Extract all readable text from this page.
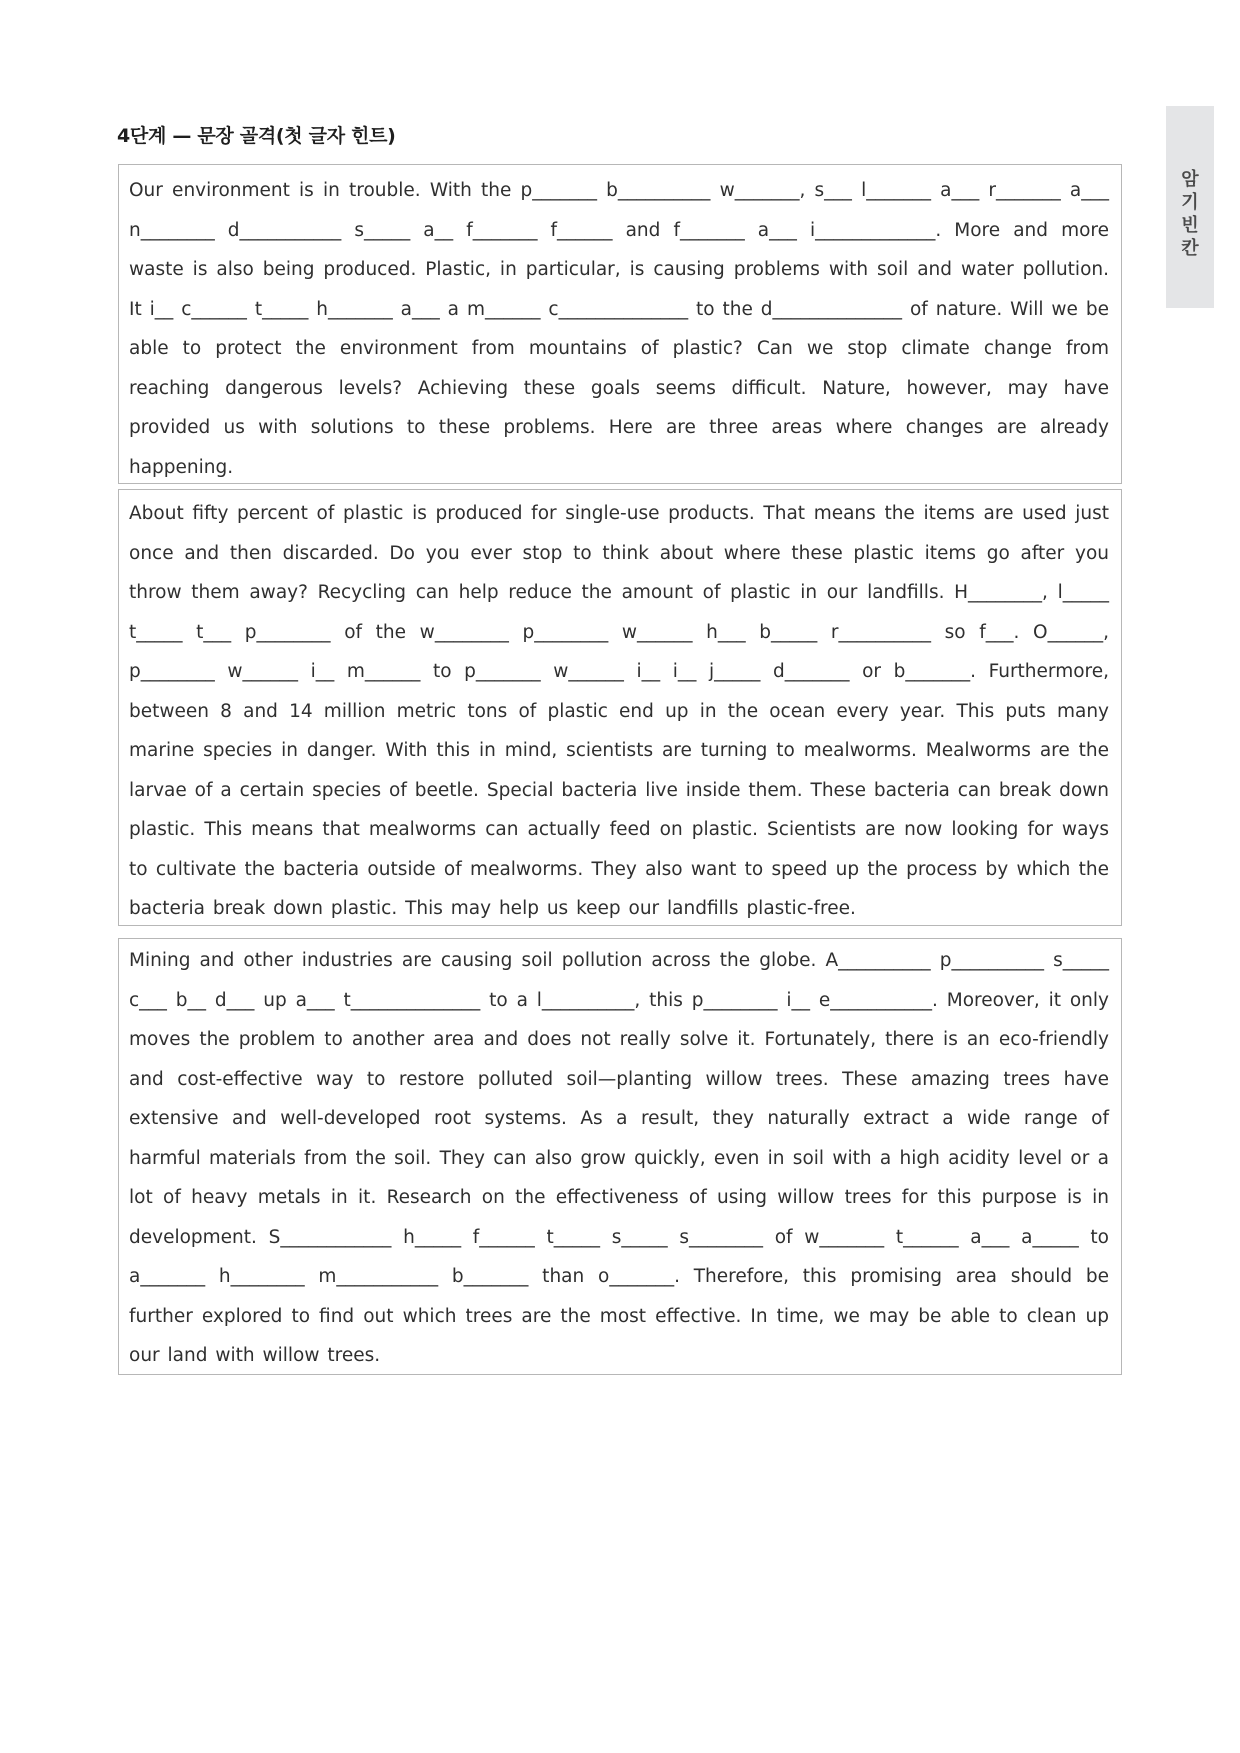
4단계 — 문장 골격(첫 글자 힌트)
암
기
빈
칸

Our environment is in trouble. With the p_______ b__________ w_______, s___ l_______ a___ r_______ a___ n________ d___________ s_____ a__ f_______ f______ and f_______ a___ i_____________. More and more waste is also being produced. Plastic, in particular, is causing problems with soil and water pollution. It i__ c______ t_____ h_______ a___ a m______ c______________ to the d______________ of nature. Will we be able to protect the environment from mountains of plastic? Can we stop climate change from reaching dangerous levels? Achieving these goals seems difficult. Nature, however, may have provided us with solutions to these problems. Here are three areas where changes are already happening.

About fifty percent of plastic is produced for single-use products. That means the items are used just once and then discarded. Do you ever stop to think about where these plastic items go after you throw them away? Recycling can help reduce the amount of plastic in our landfills. H________, l_____ t_____ t___ p________ of the w________ p________ w______ h___ b_____ r__________ so f___. O______, p________ w______ i__ m______ to p_______ w______ i__ i__ j_____ d_______ or b_______. Furthermore, between 8 and 14 million metric tons of plastic end up in the ocean every year. This puts many marine species in danger. With this in mind, scientists are turning to mealworms. Mealworms are the larvae of a certain species of beetle. Special bacteria live inside them. These bacteria can break down plastic. This means that mealworms can actually feed on plastic. Scientists are now looking for ways to cultivate the bacteria outside of mealworms. They also want to speed up the process by which the bacteria break down plastic. This may help us keep our landfills plastic-free.

Mining and other industries are causing soil pollution across the globe. A__________ p__________ s_____ c___ b__ d___ up a___ t______________ to a l__________, this p________ i__ e___________. Moreover, it only moves the problem to another area and does not really solve it. Fortunately, there is an eco-friendly and cost-effective way to restore polluted soil—planting willow trees. These amazing trees have extensive and well-developed root systems. As a result, they naturally extract a wide range of harmful materials from the soil. They can also grow quickly, even in soil with a high acidity level or a lot of heavy metals in it. Research on the effectiveness of using willow trees for this purpose is in development. S____________ h_____ f______ t_____ s_____ s________ of w_______ t______ a___ a_____ to a_______ h________ m___________ b_______ than o_______. Therefore, this promising area should be further explored to find out which trees are the most effective. In time, we may be able to clean up our land with willow trees.
